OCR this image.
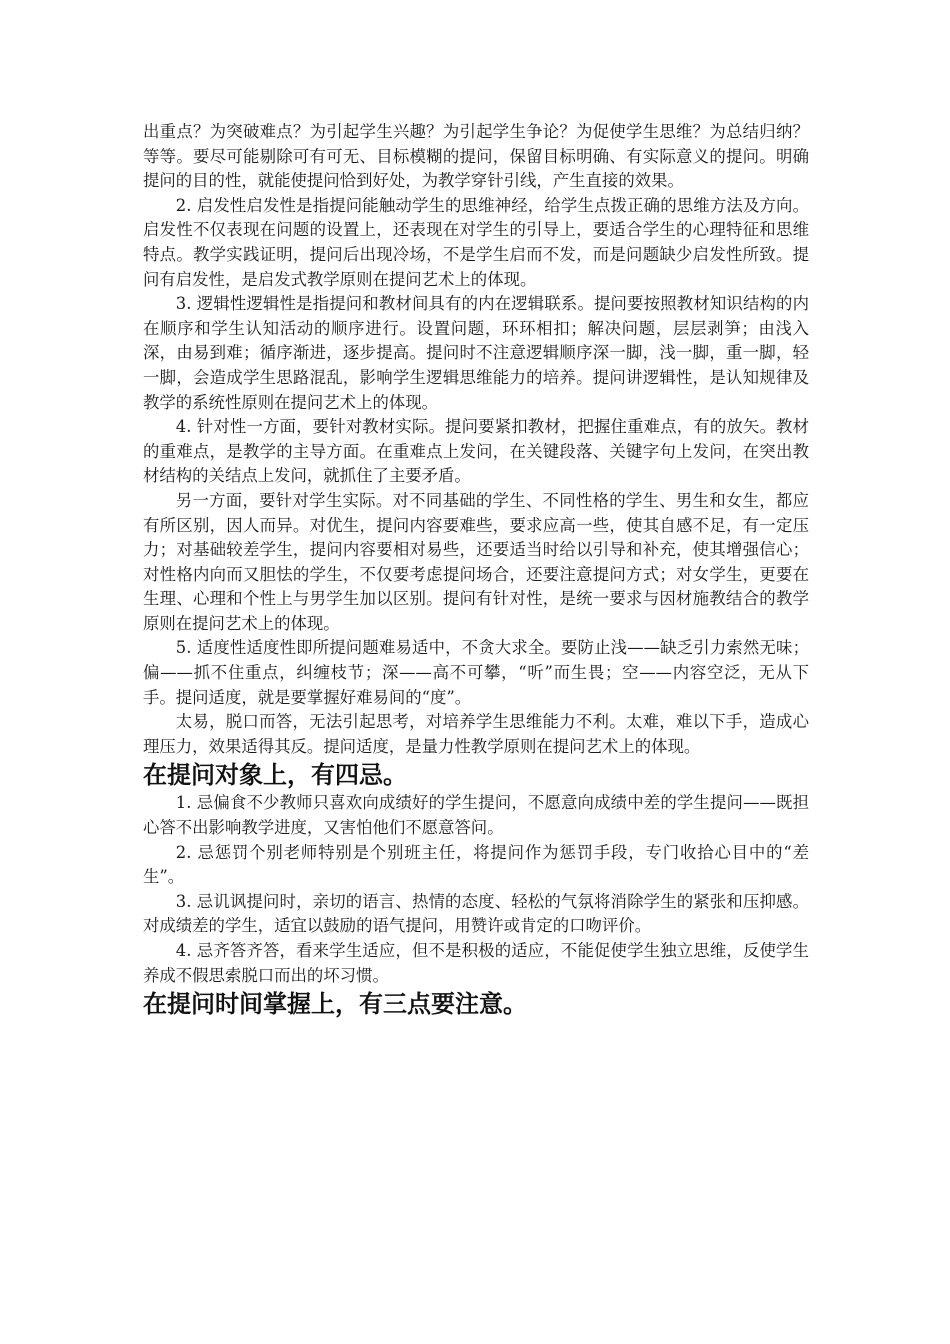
出重点？为突破难点？为引起学生兴趣？为引起学生争论？为促使学生思维？为总结归纳？等等。要尽可能剔除可有可无、目标模糊的提问，保留目标明确、有实际意义的提问。明确提问的目的性，就能使提问恰到好处，为教学穿针引线，产生直接的效果。

2. 启发性启发性是指提问能触动学生的思维神经，给学生点拨正确的思维方法及方向。启发性不仅表现在问题的设置上，还表现在对学生的引导上，要适合学生的心理特征和思维特点。教学实践证明，提问后出现冷场，不是学生启而不发，而是问题缺少启发性所致。提问有启发性，是启发式教学原则在提问艺术上的体现。

3. 逻辑性逻辑性是指提问和教材间具有的内在逻辑联系。提问要按照教材知识结构的内在顺序和学生认知活动的顺序进行。设置问题，环环相扣；解决问题，层层剥笋；由浅入深，由易到难；循序渐进，逐步提高。提问时不注意逻辑顺序深一脚，浅一脚，重一脚，轻一脚，会造成学生思路混乱，影响学生逻辑思维能力的培养。提问讲逻辑性，是认知规律及教学的系统性原则在提问艺术上的体现。

4. 针对性一方面，要针对教材实际。提问要紧扣教材，把握住重难点，有的放矢。教材的重难点，是教学的主导方面。在重难点上发问，在关键段落、关键字句上发问，在突出教材结构的关结点上发问，就抓住了主要矛盾。

另一方面，要针对学生实际。对不同基础的学生、不同性格的学生、男生和女生，都应有所区别，因人而异。对优生，提问内容要难些，要求应高一些，使其自感不足，有一定压力；对基础较差学生，提问内容要相对易些，还要适当时给以引导和补充，使其增强信心；对性格内向而又胆怯的学生，不仅要考虑提问场合，还要注意提问方式；对女学生，更要在生理、心理和个性上与男学生加以区别。提问有针对性，是统一要求与因材施教结合的教学原则在提问艺术上的体现。

5. 适度性适度性即所提问题难易适中，不贪大求全。要防止浅——缺乏引力索然无味；偏——抓不住重点，纠缠枝节；深——高不可攀，“听”而生畏；空——内容空泛，无从下手。提问适度，就是要掌握好难易间的“度”。

太易，脱口而答，无法引起思考，对培养学生思维能力不利。太难，难以下手，造成心理压力，效果适得其反。提问适度，是量力性教学原则在提问艺术上的体现。

在提问对象上，有四忌。

1. 忌偏食不少教师只喜欢向成绩好的学生提问，不愿意向成绩中差的学生提问——既担心答不出影响教学进度，又害怕他们不愿意答问。

2. 忌惩罚个别老师特别是个别班主任，将提问作为惩罚手段，专门收拾心目中的“差生”。

3. 忌讥讽提问时，亲切的语言、热情的态度、轻松的气氛将消除学生的紧张和压抑感。对成绩差的学生，适宜以鼓励的语气提问，用赞许或肯定的口吻评价。

4. 忌齐答齐答，看来学生适应，但不是积极的适应，不能促使学生独立思维，反使学生养成不假思索脱口而出的坏习惯。

在提问时间掌握上，有三点要注意。
